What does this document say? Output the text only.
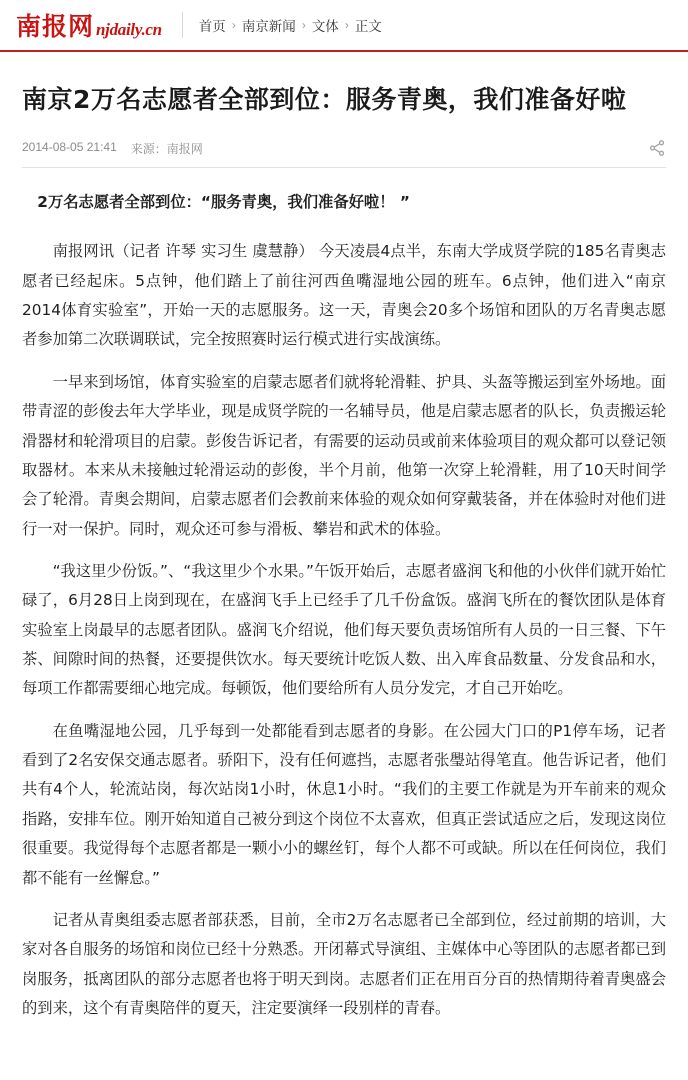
南报网 njdaily.cn	首页 › 南京新闻 › 文体 › 正文
南京2万名志愿者全部到位：服务青奥，我们准备好啦
2014-08-05 21:41 来源：南报网

2万名志愿者全部到位：“服务青奥，我们准备好啦！ ”

南报网讯（记者 许琴 实习生 虞慧静） 今天凌晨4点半，东南大学成贤学院的185名青奥志愿者已经起床。5点钟，他们踏上了前往河西鱼嘴湿地公园的班车。6点钟，他们进入“南京2014体育实验室”，开始一天的志愿服务。这一天，青奥会20多个场馆和团队的万名青奥志愿者参加第二次联调联试，完全按照赛时运行模式进行实战演练。

一早来到场馆，体育实验室的启蒙志愿者们就将轮滑鞋、护具、头盔等搬运到室外场地。面带青涩的彭俊去年大学毕业，现是成贤学院的一名辅导员，他是启蒙志愿者的队长，负责搬运轮滑器材和轮滑项目的启蒙。彭俊告诉记者，有需要的运动员或前来体验项目的观众都可以登记领取器材。本来从未接触过轮滑运动的彭俊，半个月前，他第一次穿上轮滑鞋，用了10天时间学会了轮滑。青奥会期间，启蒙志愿者们会教前来体验的观众如何穿戴装备，并在体验时对他们进行一对一保护。同时，观众还可参与滑板、攀岩和武术的体验。

“我这里少份饭。”、“我这里少个水果。”午饭开始后，志愿者盛润飞和他的小伙伴们就开始忙碌了，6月28日上岗到现在，在盛润飞手上已经手了几千份盒饭。盛润飞所在的餐饮团队是体育实验室上岗最早的志愿者团队。盛润飞介绍说，他们每天要负责场馆所有人员的一日三餐、下午茶、间隙时间的热餐，还要提供饮水。每天要统计吃饭人数、出入库食品数量、分发食品和水，每项工作都需要细心地完成。每顿饭，他们要给所有人员分发完，才自己开始吃。

在鱼嘴湿地公园，几乎每到一处都能看到志愿者的身影。在公园大门口的P1停车场，记者看到了2名安保交通志愿者。骄阳下，没有任何遮挡，志愿者张璺站得笔直。他告诉记者，他们共有4个人，轮流站岗，每次站岗1小时，休息1小时。“我们的主要工作就是为开车前来的观众指路，安排车位。刚开始知道自己被分到这个岗位不太喜欢，但真正尝试适应之后，发现这岗位很重要。我觉得每个志愿者都是一颗小小的螺丝钉，每个人都不可或缺。所以在任何岗位，我们都不能有一丝懈怠。”

记者从青奥组委志愿者部获悉，目前，全市2万名志愿者已全部到位，经过前期的培训，大家对各自服务的场馆和岗位已经十分熟悉。开闭幕式导演组、主媒体中心等团队的志愿者都已到岗服务，抵离团队的部分志愿者也将于明天到岗。志愿者们正在用百分百的热情期待着青奥盛会的到来，这个有青奥陪伴的夏天，注定要演绎一段别样的青春。
